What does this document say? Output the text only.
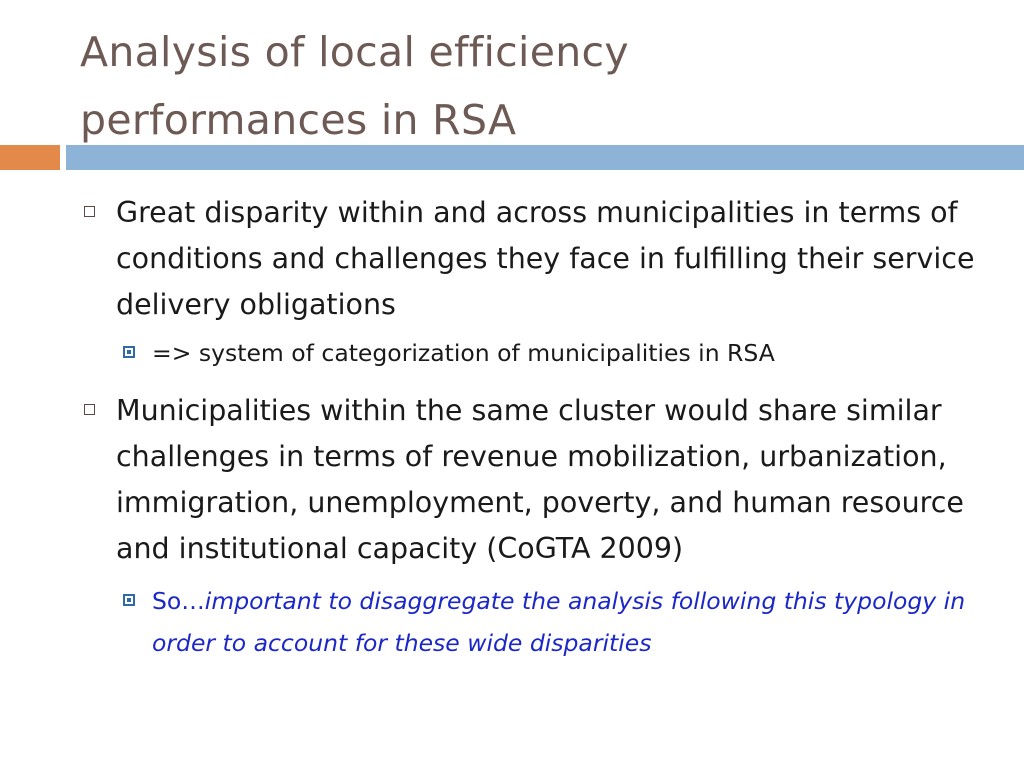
Analysis of local efficiency
performances in RSA
Great disparity within and across municipalities in terms of conditions and challenges they face in fulfilling their service delivery obligations
=> system of categorization of municipalities in RSA
Municipalities within the same cluster would share similar challenges in terms of revenue mobilization, urbanization, immigration, unemployment, poverty, and human resource and institutional capacity (CoGTA 2009)
So…important to disaggregate the analysis following this typology in order to account for these wide disparities
